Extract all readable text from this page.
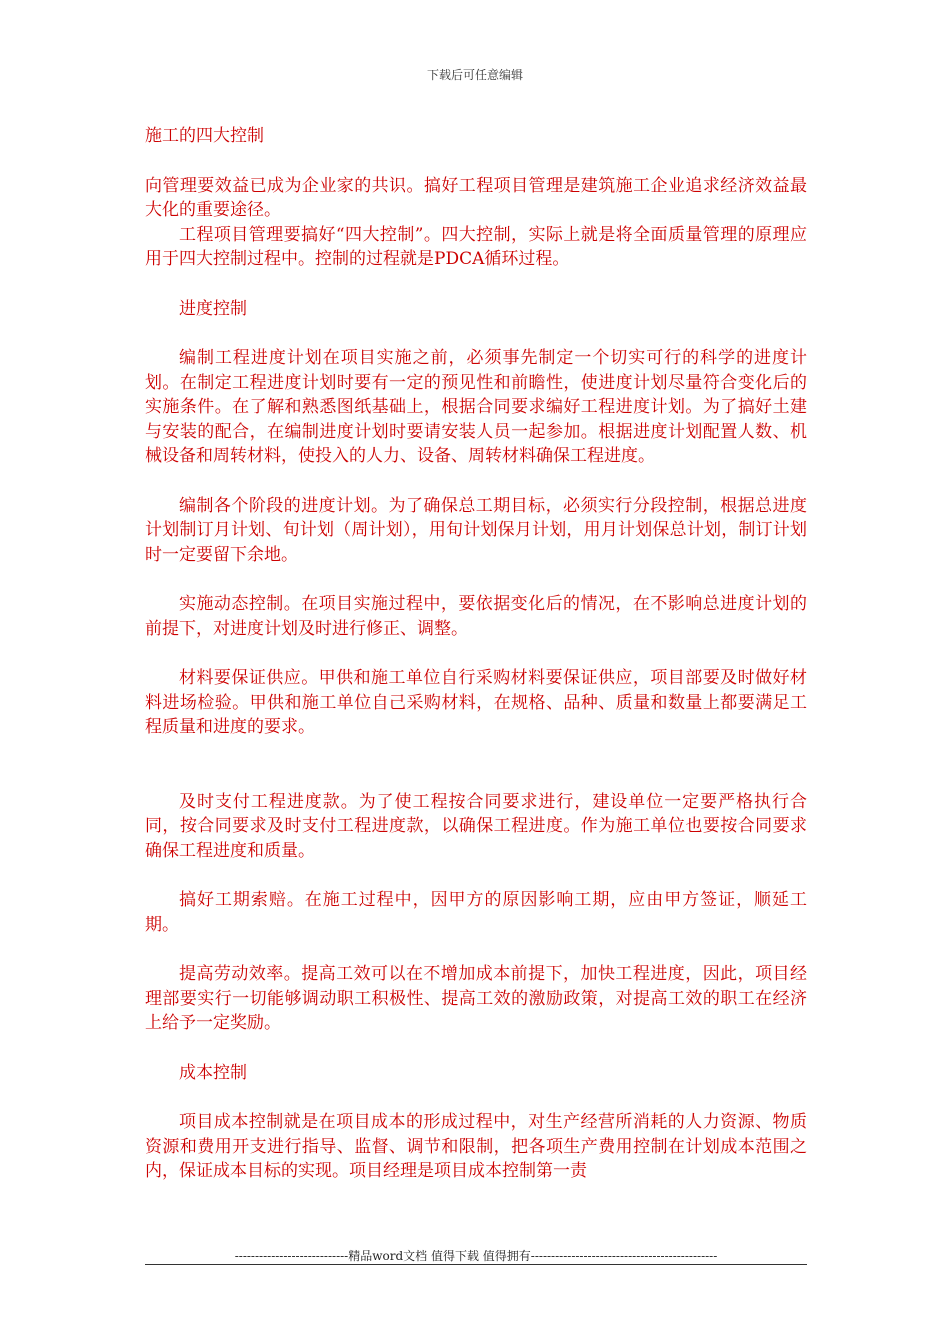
下载后可任意编辑

施工的四大控制

向管理要效益已成为企业家的共识。搞好工程项目管理是建筑施工企业追求经济效益最大化的重要途径。

工程项目管理要搞好“四大控制”。四大控制，实际上就是将全面质量管理的原理应用于四大控制过程中。控制的过程就是PDCA循环过程。

进度控制

编制工程进度计划在项目实施之前，必须事先制定一个切实可行的科学的进度计划。在制定工程进度计划时要有一定的预见性和前瞻性，使进度计划尽量符合变化后的实施条件。在了解和熟悉图纸基础上，根据合同要求编好工程进度计划。为了搞好土建与安装的配合，在编制进度计划时要请安装人员一起参加。根据进度计划配置人数、机械设备和周转材料，使投入的人力、设备、周转材料确保工程进度。

编制各个阶段的进度计划。为了确保总工期目标，必须实行分段控制，根据总进度计划制订月计划、旬计划（周计划），用旬计划保月计划，用月计划保总计划，制订计划时一定要留下余地。

实施动态控制。在项目实施过程中，要依据变化后的情况，在不影响总进度计划的前提下，对进度计划及时进行修正、调整。

材料要保证供应。甲供和施工单位自行采购材料要保证供应，项目部要及时做好材料进场检验。甲供和施工单位自己采购材料，在规格、品种、质量和数量上都要满足工程质量和进度的要求。

及时支付工程进度款。为了使工程按合同要求进行，建设单位一定要严格执行合同，按合同要求及时支付工程进度款，以确保工程进度。作为施工单位也要按合同要求确保工程进度和质量。

搞好工期索赔。在施工过程中，因甲方的原因影响工期，应由甲方签证，顺延工期。

提高劳动效率。提高工效可以在不增加成本前提下，加快工程进度，因此，项目经理部要实行一切能够调动职工积极性、提高工效的激励政策，对提高工效的职工在经济上给予一定奖励。

成本控制

项目成本控制就是在项目成本的形成过程中，对生产经营所消耗的人力资源、物质资源和费用开支进行指导、监督、调节和限制，把各项生产费用控制在计划成本范围之内，保证成本目标的实现。项目经理是项目成本控制第一责

----------------------------精品word文档 值得下载 值得拥有----------------------------------------------
